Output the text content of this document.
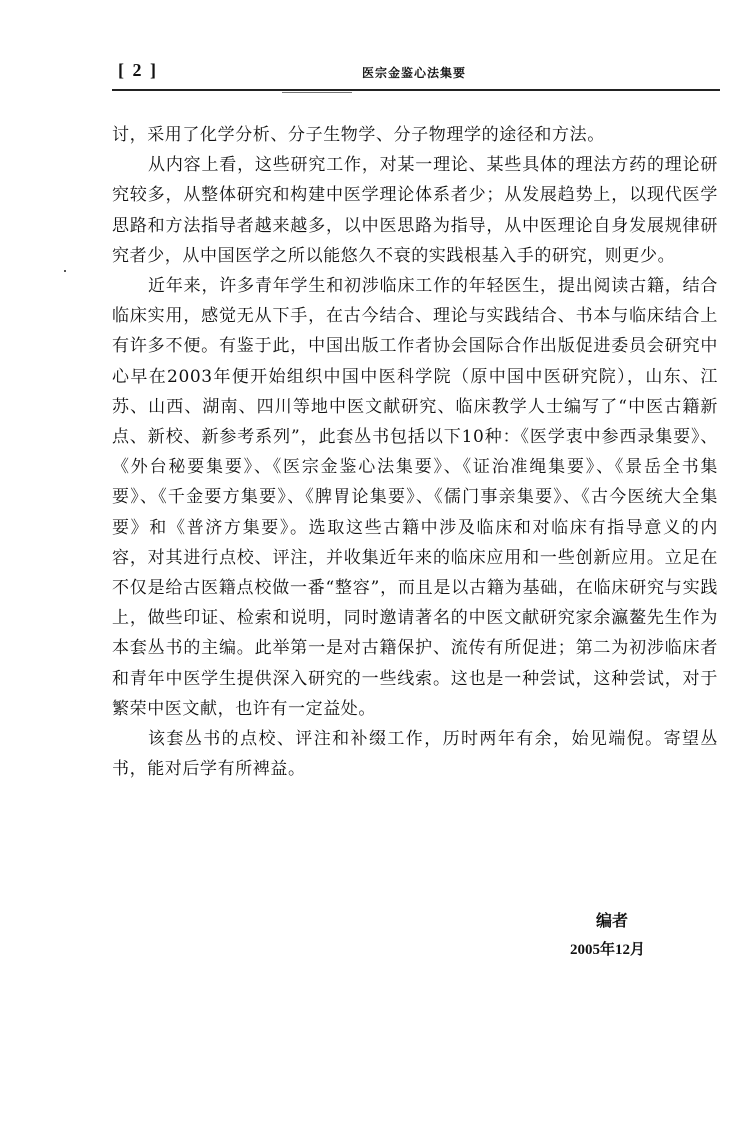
[ 2 ]	医宗金鉴心法集要

讨，采用了化学分析、分子生物学、分子物理学的途径和方法。

从内容上看，这些研究工作，对某一理论、某些具体的理法方药的理论研究较多，从整体研究和构建中医学理论体系者少；从发展趋势上，以现代医学思路和方法指导者越来越多，以中医思路为指导，从中医理论自身发展规律研究者少，从中国医学之所以能悠久不衰的实践根基入手的研究，则更少。

近年来，许多青年学生和初涉临床工作的年轻医生，提出阅读古籍，结合临床实用，感觉无从下手，在古今结合、理论与实践结合、书本与临床结合上有许多不便。有鉴于此，中国出版工作者协会国际合作出版促进委员会研究中心早在2003年便开始组织中国中医科学院（原中国中医研究院），山东、江苏、山西、湖南、四川等地中医文献研究、临床教学人士编写了“中医古籍新点、新校、新参考系列”，此套丛书包括以下10种：《医学衷中参西录集要》、《外台秘要集要》、《医宗金鉴心法集要》、《证治准绳集要》、《景岳全书集要》、《千金要方集要》、《脾胃论集要》、《儒门事亲集要》、《古今医统大全集要》和《普济方集要》。选取这些古籍中涉及临床和对临床有指导意义的内容，对其进行点校、评注，并收集近年来的临床应用和一些创新应用。立足在不仅是给古医籍点校做一番“整容”，而且是以古籍为基础，在临床研究与实践上，做些印证、检索和说明，同时邀请著名的中医文献研究家余瀛鳌先生作为本套丛书的主编。此举第一是对古籍保护、流传有所促进；第二为初涉临床者和青年中医学生提供深入研究的一些线索。这也是一种尝试，这种尝试，对于繁荣中医文献，也许有一定益处。

该套丛书的点校、评注和补缀工作，历时两年有余，始见端倪。寄望丛书，能对后学有所裨益。

编者
2005年12月
